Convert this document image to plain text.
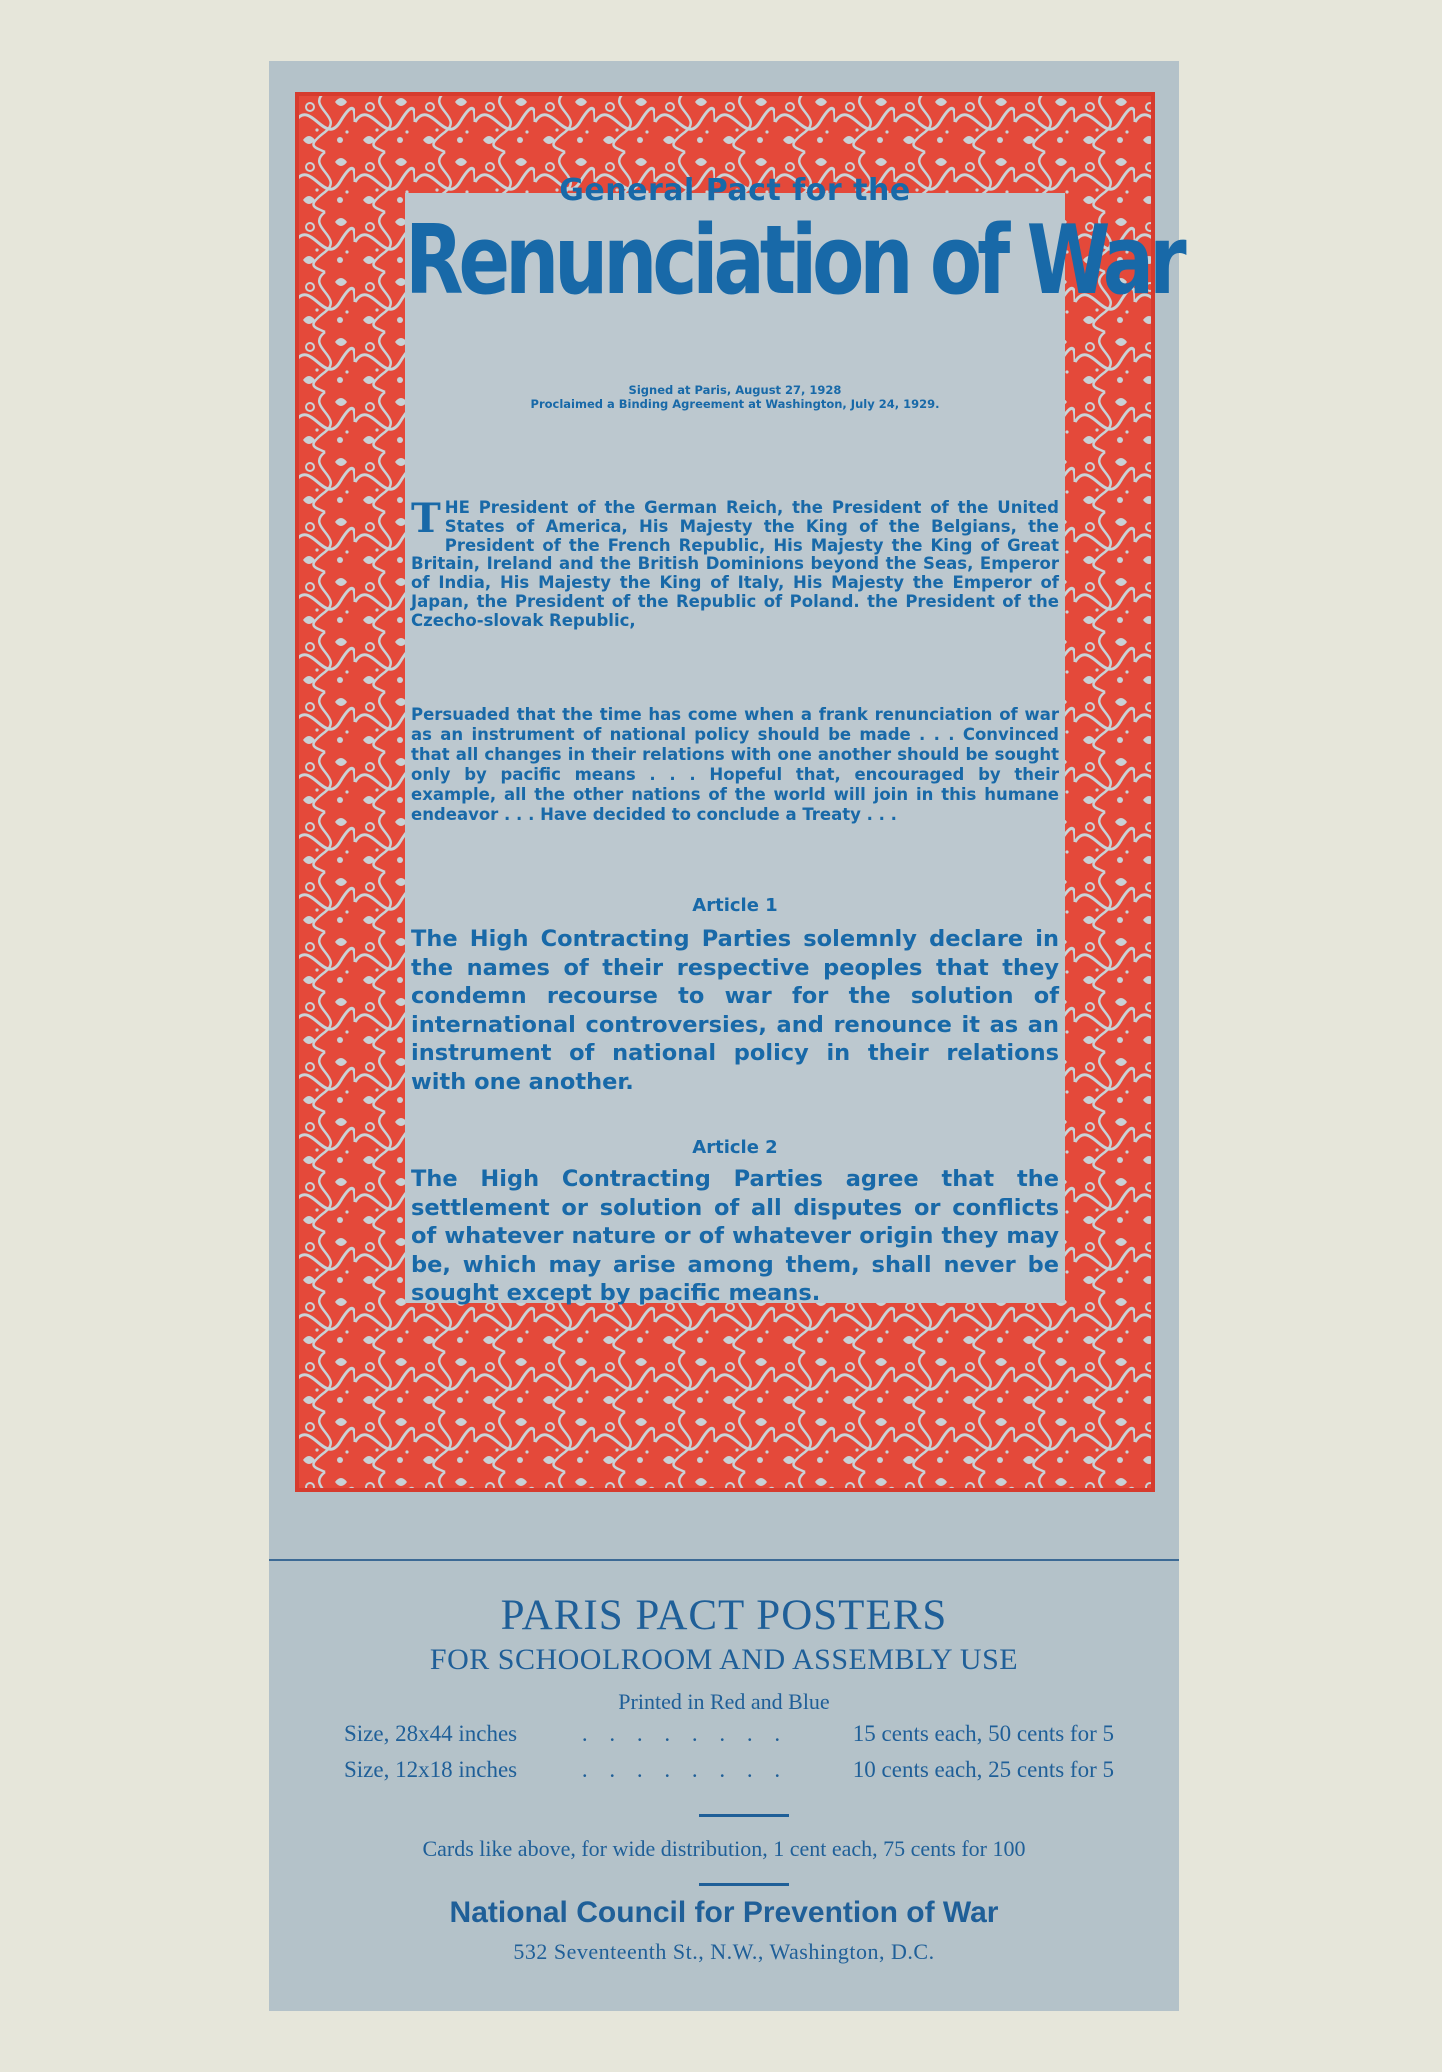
General Pact for the
Renunciation of War
Signed at Paris, August 27, 1928
Proclaimed a Binding Agreement at Washington, July 24, 1929.
THE President of the German Reich, the President of the United States of America, His Majesty the King of the Belgians, the President of the French Republic, His Majesty the King of Great Britain, Ireland and the British Dominions beyond the Seas, Emperor of India, His Majesty the King of Italy, His Majesty the Emperor of Japan, the President of the Republic of Poland. the President of the Czecho-slovak Republic,
Persuaded that the time has come when a frank renunciation of war as an instrument of national policy should be made . . . Convinced that all changes in their relations with one another should be sought only by pacific means . . . Hopeful that, encouraged by their example, all the other nations of the world will join in this humane endeavor . . . Have decided to conclude a Treaty . . .
Article 1
The High Contracting Parties solemnly declare in the names of their respective peoples that they condemn recourse to war for the solution of international controversies, and renounce it as an instrument of national policy in their relations with one another.
Article 2
The High Contracting Parties agree that the settlement or solution of all disputes or conflicts of whatever nature or of whatever origin they may be, which may arise among them, shall never be sought except by pacific means.
PARIS PACT POSTERS
FOR SCHOOLROOM AND ASSEMBLY USE
Printed in Red and Blue
Size, 28x44 inches	. . . . . . . .	15 cents each, 50 cents for 5
Size, 12x18 inches	. . . . . . . .	10 cents each, 25 cents for 5
Cards like above, for wide distribution, 1 cent each, 75 cents for 100
National Council for Prevention of War
532 Seventeenth St., N.W., Washington, D.C.
